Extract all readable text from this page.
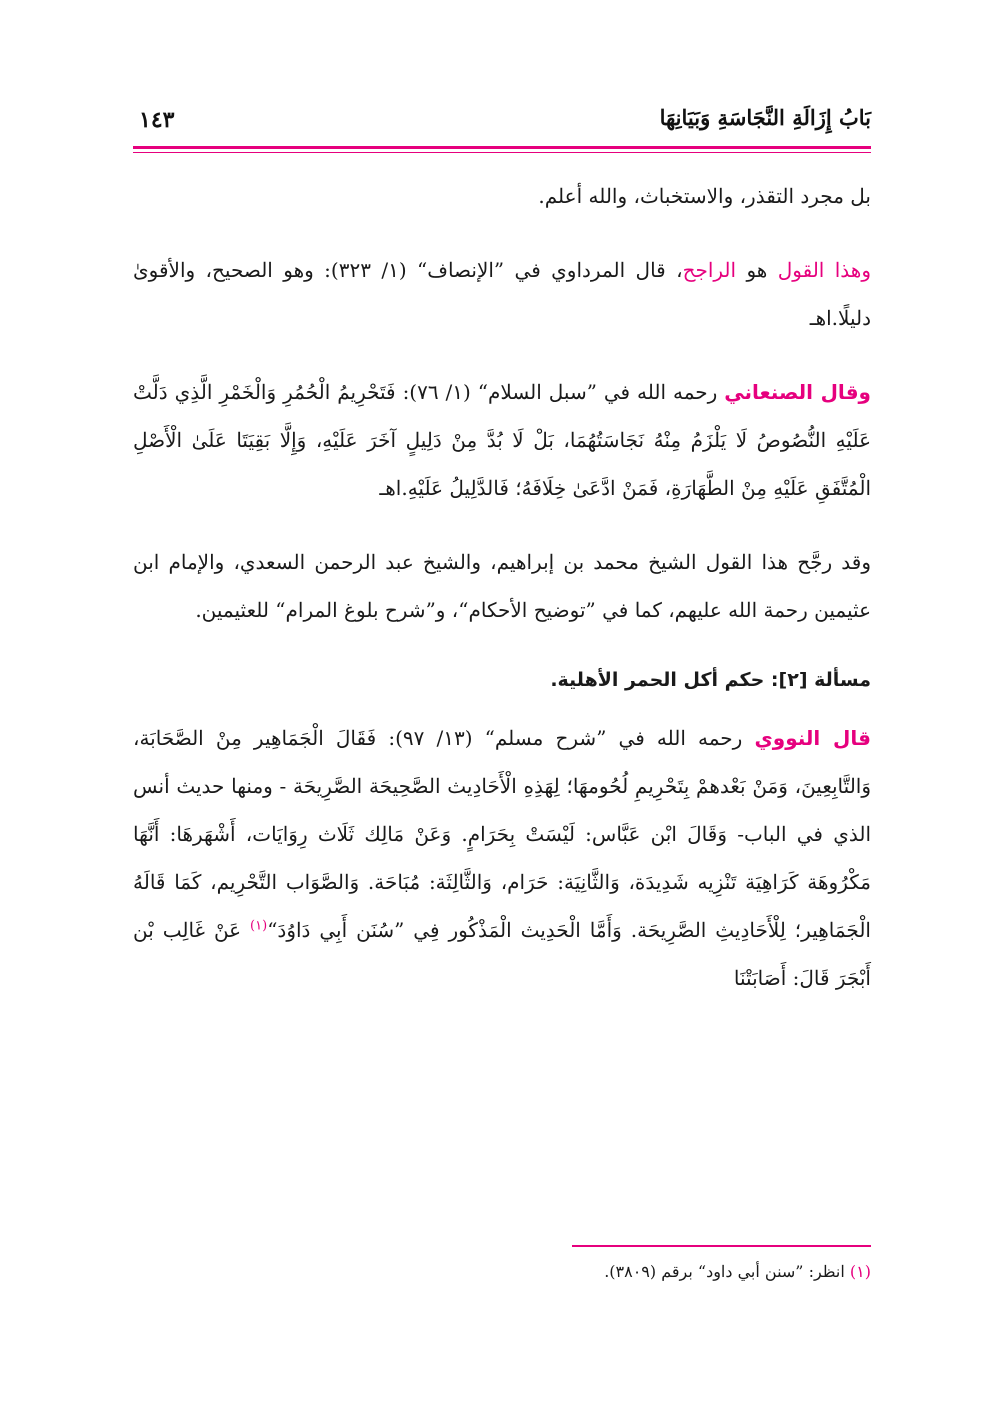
بَابُ إِزَالَةِ النَّجَاسَةِ وَبَيَانِهَا
١٤٣

بل مجرد التقذر، والاستخباث، والله أعلم.

وهذا القول هو الراجح، قال المرداوي في ”الإنصاف“ (١/ ٣٢٣): وهو الصحيح، والأقوىٰ دليلًا.اهـ

وقال الصنعاني رحمه الله في ”سبل السلام“ (١/ ٧٦): فَتَحْرِيمُ الْحُمُرِ وَالْخَمْرِ الَّذِي دَلَّتْ عَلَيْهِ النُّصُوصُ لَا يَلْزَمُ مِنْهُ نَجَاسَتُهُمَا، بَلْ لَا بُدَّ مِنْ دَلِيلٍ آخَرَ عَلَيْهِ، وَإِلَّا بَقِيَتَا عَلَىٰ الْأَصْلِ الْمُتَّفَقِ عَلَيْهِ مِنْ الطَّهَارَةِ، فَمَنْ ادَّعَىٰ خِلَافَهُ؛ فَالدَّلِيلُ عَلَيْهِ.اهـ

وقد رجَّح هذا القول الشيخ محمد بن إبراهيم، والشيخ عبد الرحمن السعدي، والإمام ابن عثيمين رحمة الله عليهم، كما في ”توضيح الأحكام“، و”شرح بلوغ المرام“ للعثيمين.

مسألة [٢]: حكم أكل الحمر الأهلية.

قال النووي رحمه الله في ”شرح مسلم“ (١٣/ ٩٧): فَقَالَ الْجَمَاهِير مِنْ الصَّحَابَة، وَالتَّابِعِينَ، وَمَنْ بَعْدهمْ بِتَحْرِيمِ لُحُومهَا؛ لِهَذِهِ الْأَحَادِيث الصَّحِيحَة الصَّرِيحَة - ومنها حديث أنس الذي في الباب- وَقَالَ ابْن عَبَّاس: لَيْسَتْ بِحَرَامٍ. وَعَنْ مَالِك ثَلَاث رِوَايَات، أَشْهَرهَا: أَنَّهَا مَكْرُوهَة كَرَاهِيَة تَنْزِيه شَدِيدَة، وَالثَّانِيَة: حَرَام، وَالثَّالِثَة: مُبَاحَة. وَالصَّوَاب التَّحْرِيم، كَمَا قَالَهُ الْجَمَاهِير؛ لِلْأَحَادِيثِ الصَّرِيحَة. وَأَمَّا الْحَدِيث الْمَذْكُور فِي ”سُنَن أَبِي دَاوُدَ“$^{(١)}$ عَنْ غَالِب بْن أَبْجَرَ قَالَ: أَصَابَتْنَا

(١) انظر: ”سنن أبي داود“ برقم (٣٨٠٩).
